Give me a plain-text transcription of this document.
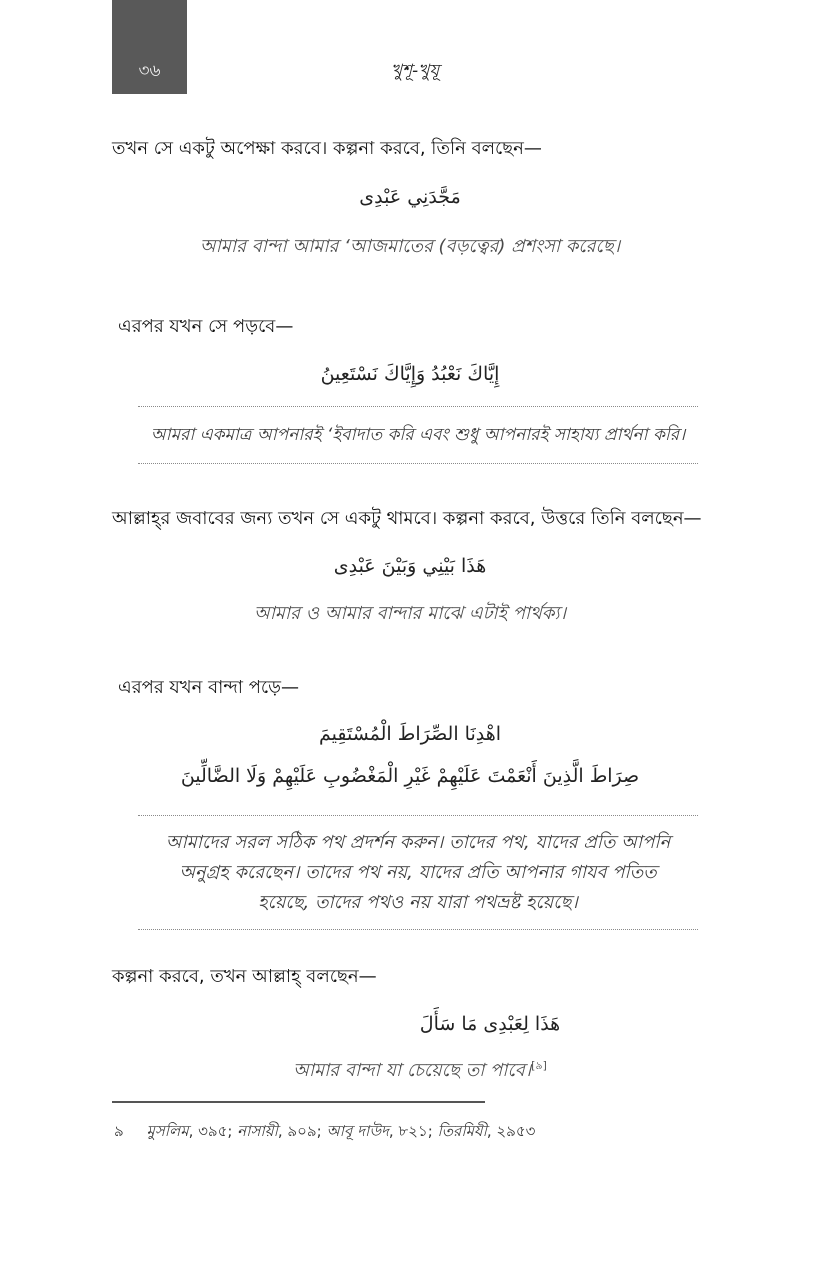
৩৬	খুশূ-খুযূ
তখন সে একটু অপেক্ষা করবে। কল্পনা করবে, তিনি বলছেন—
مَجَّدَنِي عَبْدِى
আমার বান্দা আমার ‘আজমাতের (বড়ত্বের) প্রশংসা করেছে।
এরপর যখন সে পড়বে—
إِيَّاكَ نَعْبُدُ وَإِيَّاكَ نَسْتَعِينُ
আমরা একমাত্র আপনারই ‘ইবাদাত করি এবং শুধু আপনারই সাহায্য প্রার্থনা করি।
আল্লাহ্‌র জবাবের জন্য তখন সে একটু থামবে। কল্পনা করবে, উত্তরে তিনি বলছেন—
هَذَا بَيْنِي وَبَيْنَ عَبْدِى
আমার ও আমার বান্দার মাঝে এটাই পার্থক্য।
এরপর যখন বান্দা পড়ে—
اهْدِنَا الصِّرَاطَ الْمُسْتَقِيمَ
صِرَاطَ الَّذِينَ أَنْعَمْتَ عَلَيْهِمْ غَيْرِ الْمَغْضُوبِ عَلَيْهِمْ وَلَا الضَّالِّينَ
আমাদের সরল সঠিক পথ প্রদর্শন করুন। তাদের পথ, যাদের প্রতি আপনি
অনুগ্রহ করেছেন। তাদের পথ নয়, যাদের প্রতি আপনার গাযব পতিত
হয়েছে, তাদের পথও নয় যারা পথভ্রষ্ট হয়েছে।
কল্পনা করবে, তখন আল্লাহ্ বলছেন—
هَذَا لِعَبْدِى مَا سَأَلَ
আমার বান্দা যা চেয়েছে তা পাবে।[৯]
৯ মুসলিম, ৩৯৫; নাসায়ী, ৯০৯; আবূ দাউদ, ৮২১; তিরমিযী, ২৯৫৩
